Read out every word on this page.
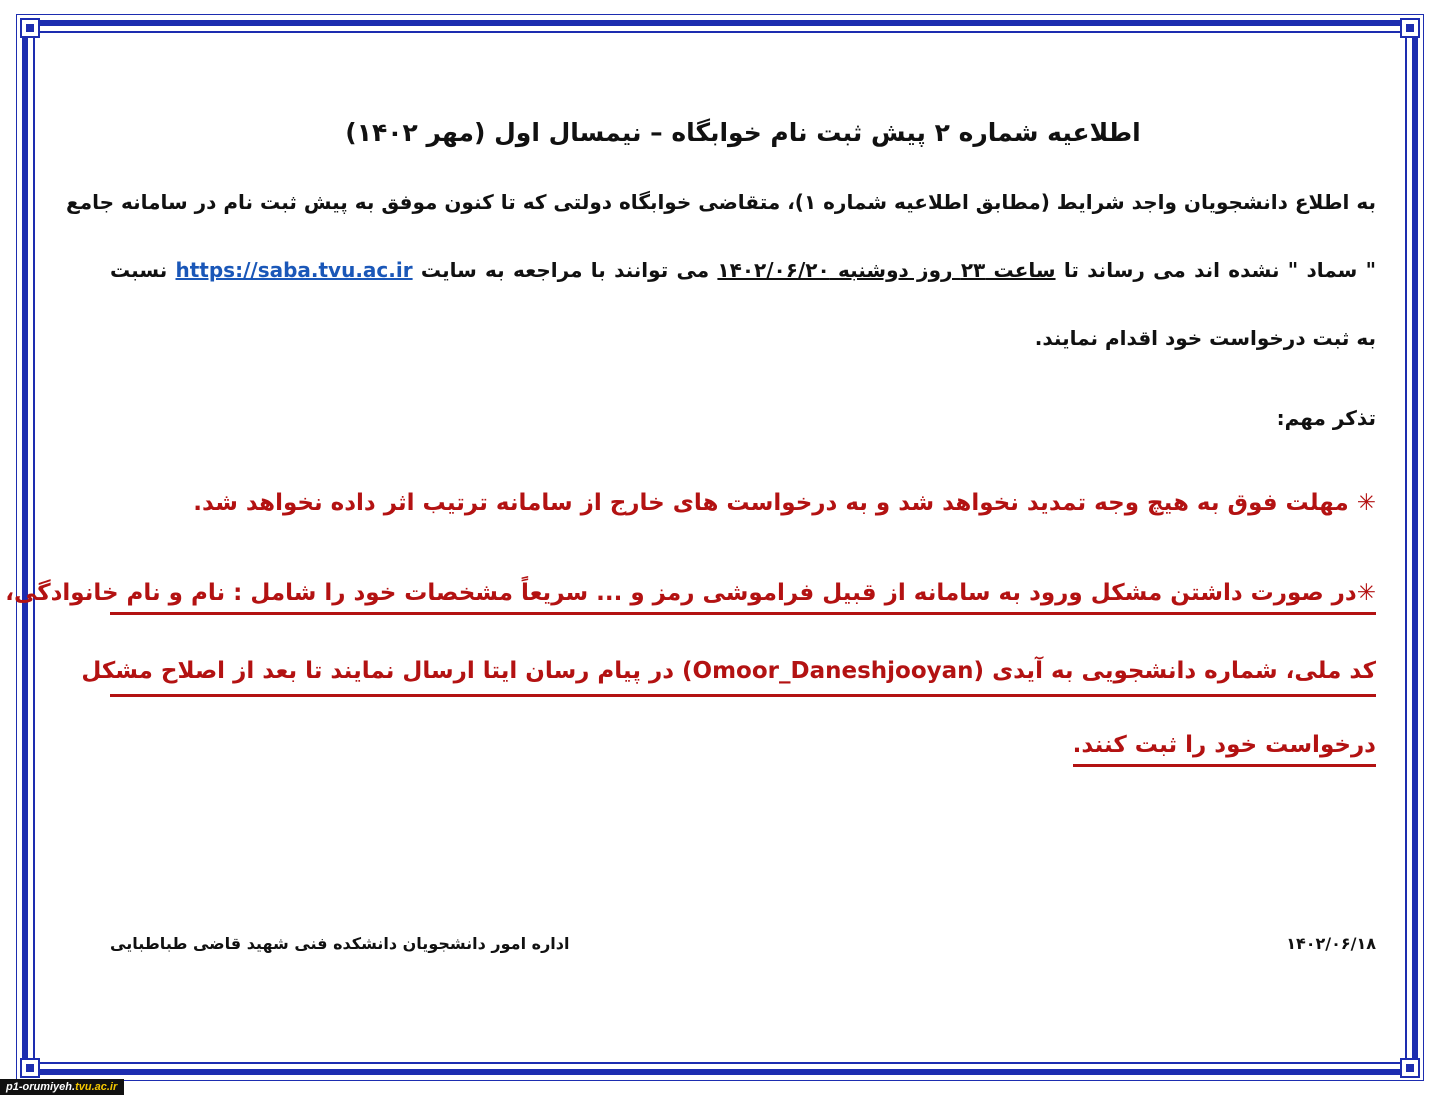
اطلاعیه شماره ۲ پیش ثبت نام خوابگاه – نیمسال اول (مهر ۱۴۰۲)
به اطلاع دانشجویان واجد شرایط (مطابق اطلاعیه شماره ۱)، متقاضی خوابگاه دولتی که تا کنون موفق به پیش ثبت نام در سامانه جامع
" سماد " نشده اند می رساند تا ساعت ۲۳ روز دوشنبه ۱۴۰۲/۰۶/۲۰ می توانند با مراجعه به سایت https://saba.tvu.ac.ir نسبت
به ثبت درخواست خود اقدام نمایند.
تذکر مهم:
✳ مهلت فوق به هیچ وجه تمدید نخواهد شد و به درخواست های خارج از سامانه ترتیب اثر داده نخواهد شد.
✳در صورت داشتن مشکل ورود به سامانه از قبیل فراموشی رمز و ... سریعاً مشخصات خود را شامل : نام و نام خانوادگی،
کد ملی، شماره دانشجویی به آیدی (Omoor_Daneshjooyan) در پیام رسان ایتا ارسال نمایند تا بعد از اصلاح مشکل
درخواست خود را ثبت کنند.
اداره امور دانشجویان دانشکده فنی شهید قاضی طباطبایی	۱۴۰۲/۰۶/۱۸
p1-orumiyeh.tvu.ac.ir
